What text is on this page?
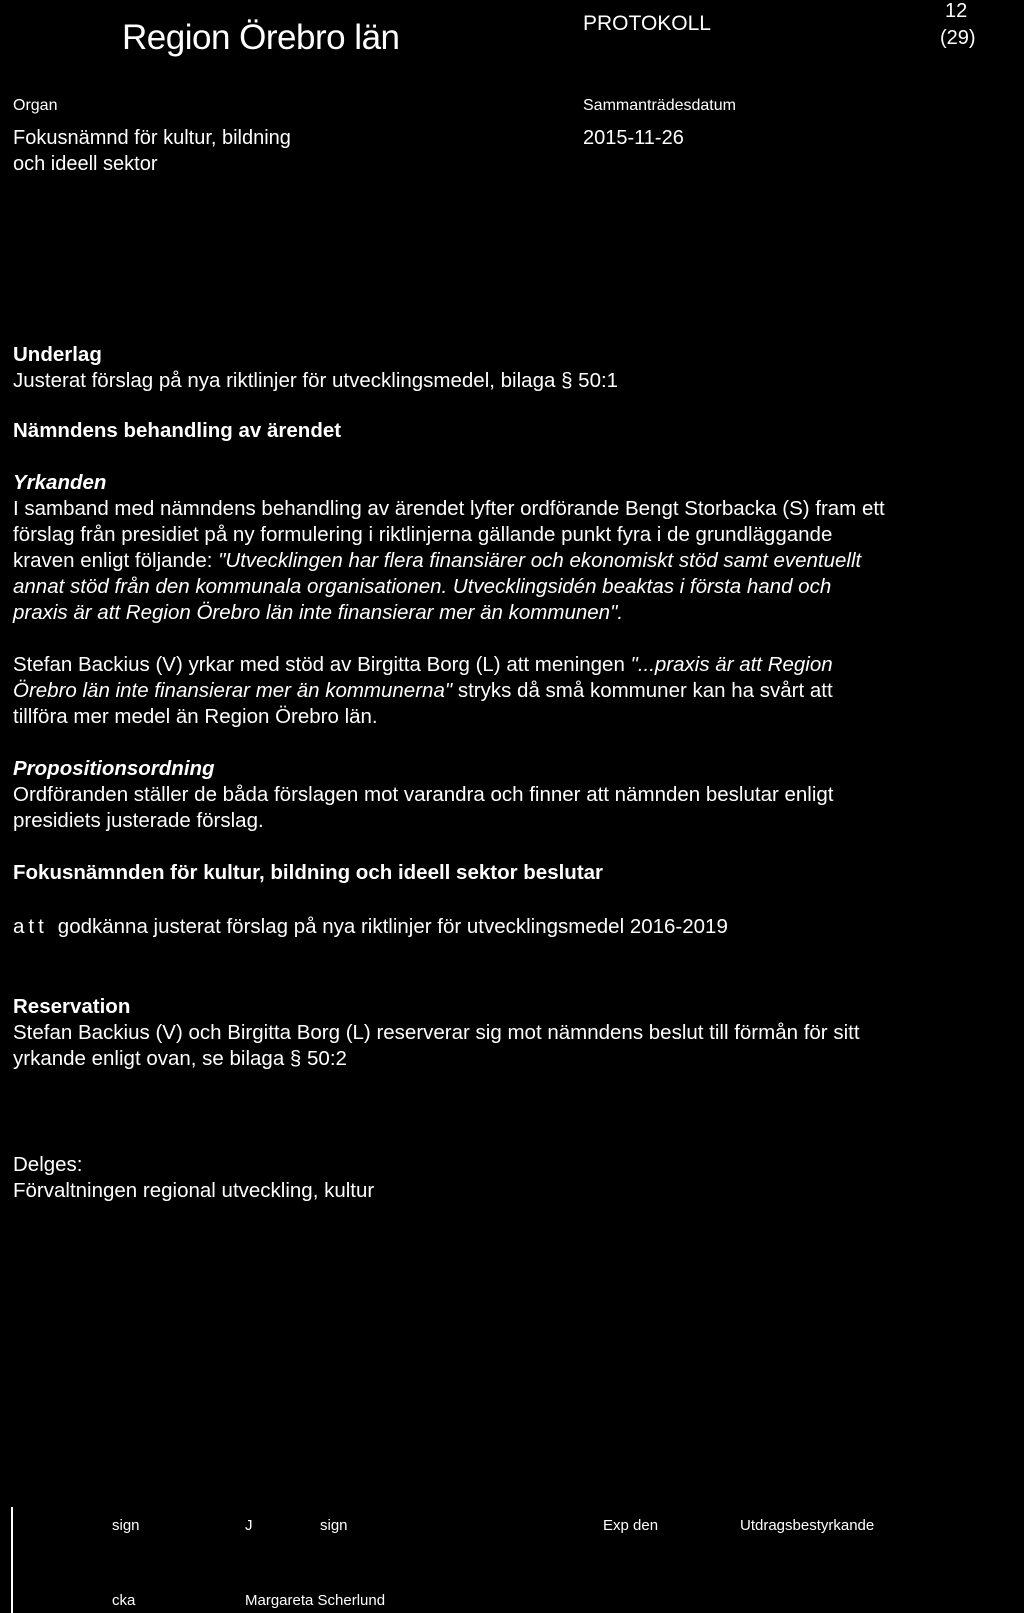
Region Örebro län	PROTOKOLL
12
(29)
Organ
Fokusnämnd för kultur, bildning
och ideell sektor
Sammanträdesdatum
2015-11-26

Underlag

Justerat förslag på nya riktlinjer för utvecklingsmedel, bilaga § 50:1

Nämndens behandling av ärendet

Yrkanden

I samband med nämndens behandling av ärendet lyfter ordförande Bengt Storbacka (S) fram ett

förslag från presidiet på ny formulering i riktlinjerna gällande punkt fyra i de grundläggande

kraven enligt följande: "Utvecklingen har flera finansiärer och ekonomiskt stöd samt eventuellt

annat stöd från den kommunala organisationen. Utvecklingsidén beaktas i första hand och

praxis är att Region Örebro län inte finansierar mer än kommunen".

Stefan Backius (V) yrkar med stöd av Birgitta Borg (L) att meningen "...praxis är att Region

Örebro län inte finansierar mer än kommunerna" stryks då små kommuner kan ha svårt att

tillföra mer medel än Region Örebro län.

Propositionsordning

Ordföranden ställer de båda förslagen mot varandra och finner att nämnden beslutar enligt

presidiets justerade förslag.

Fokusnämnden för kultur, bildning och ideell sektor beslutar

att godkänna justerat förslag på nya riktlinjer för utvecklingsmedel 2016-2019

Reservation

Stefan Backius (V) och Birgitta Borg (L) reserverar sig mot nämndens beslut till förmån för sitt

yrkande enligt ovan, se bilaga § 50:2

Delges:

Förvaltningen regional utveckling, kultur

sign	J	sign	Exp den	Utdragsbestyrkande
cka	Margareta Scherlund
